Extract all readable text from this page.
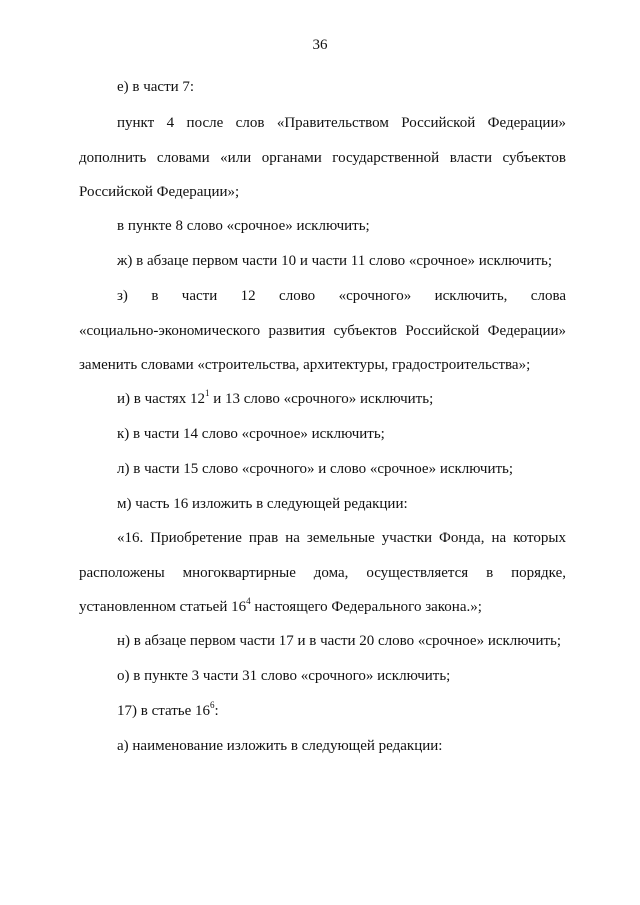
36
е) в части 7:
пункт 4 после слов «Правительством Российской Федерации»
дополнить словами «или органами государственной власти субъектов
Российской Федерации»;
в пункте 8 слово «срочное» исключить;
ж) в абзаце первом части 10 и части 11 слово «срочное» исключить;
з) в части 12 слово «срочного» исключить, слова
«социально-экономического развития субъектов Российской Федерации»
заменить словами «строительства, архитектуры, градостроительства»;
и) в частях $12^1$ и 13 слово «срочного» исключить;
к) в части 14 слово «срочное» исключить;
л) в части 15 слово «срочного» и слово «срочное» исключить;
м) часть 16 изложить в следующей редакции:
«16. Приобретение прав на земельные участки Фонда, на которых
расположены многоквартирные дома, осуществляется в порядке,
установленном статьей $16^4$ настоящего Федерального закона.»;
н) в абзаце первом части 17 и в части 20 слово «срочное» исключить;
о) в пункте 3 части 31 слово «срочного» исключить;
17) в статье $16^6$:
а) наименование изложить в следующей редакции:
